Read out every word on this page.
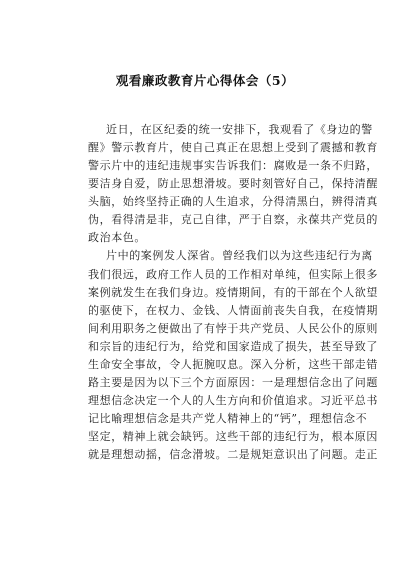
观看廉政教育片心得体会（5）
近日，在区纪委的统一安排下，我观看了《身边的警
醒》警示教育片，使自己真正在思想上受到了震撼和教育
警示片中的违纪违规事实告诉我们：腐败是一条不归路，
要洁身自爱，防止思想滑坡。要时刻管好自己，保持清醒
头脑，始终坚持正确的人生追求，分得清黑白，辨得清真
伪，看得清是非，克己自律，严于自察，永葆共产党员的
政治本色。
片中的案例发人深省。曾经我们以为这些违纪行为离
我们很远，政府工作人员的工作相对单纯，但实际上很多
案例就发生在我们身边。疫情期间，有的干部在个人欲望
的驱使下，在权力、金钱、人情面前丧失自我，在疫情期
间利用职务之便做出了有悖于共产党员、人民公仆的原则
和宗旨的违纪行为，给党和国家造成了损失，甚至导致了
生命安全事故，令人扼腕叹息。深入分析，这些干部走错
路主要是因为以下三个方面原因：一是理想信念出了问题
理想信念决定一个人的人生方向和价值追求。习近平总书
记比喻理想信念是共产党人精神上的“钙”，理想信念不
坚定，精神上就会缺钙。这些干部的违纪行为，根本原因
就是理想动摇，信念滑坡。二是规矩意识出了问题。走正
